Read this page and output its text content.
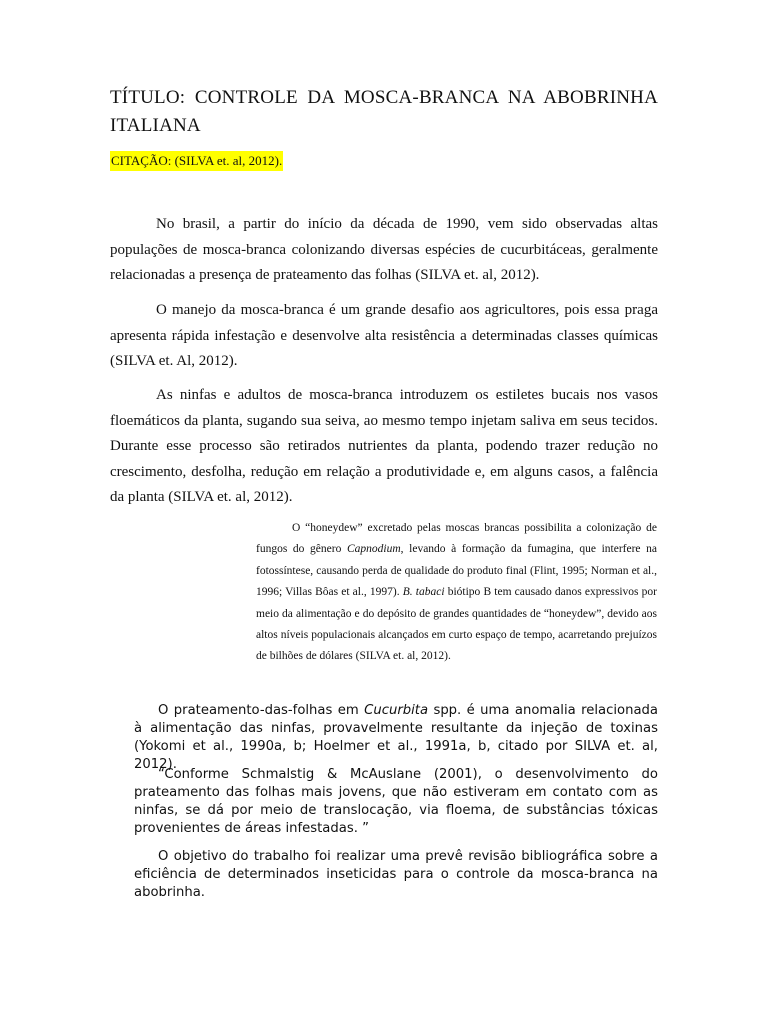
TÍTULO: CONTROLE DA MOSCA-BRANCA NA ABOBRINHA
ITALIANA
CITAÇÃO: (SILVA et. al, 2012).

No brasil, a partir do início da década de 1990, vem sido observadas altas populações de mosca-branca colonizando diversas espécies de cucurbitáceas, geralmente relacionadas a presença de prateamento das folhas (SILVA et. al, 2012).

O manejo da mosca-branca é um grande desafio aos agricultores, pois essa praga apresenta rápida infestação e desenvolve alta resistência a determinadas classes químicas (SILVA et. Al, 2012).

As ninfas e adultos de mosca-branca introduzem os estiletes bucais nos vasos floemáticos da planta, sugando sua seiva, ao mesmo tempo injetam saliva em seus tecidos. Durante esse processo são retirados nutrientes da planta, podendo trazer redução no crescimento, desfolha, redução em relação a produtividade e, em alguns casos, a falência da planta (SILVA et. al, 2012).

O “honeydew” excretado pelas moscas brancas possibilita a colonização de fungos do gênero Capnodium, levando à formação da fumagina, que interfere na fotossíntese, causando perda de qualidade do produto final (Flint, 1995; Norman et al., 1996; Villas Bôas et al., 1997). B. tabaci biótipo B tem causado danos expressivos por meio da alimentação e do depósito de grandes quantidades de “honeydew”, devido aos altos níveis populacionais alcançados em curto espaço de tempo, acarretando prejuízos de bilhões de dólares (SILVA et. al, 2012).

O prateamento-das-folhas em Cucurbita spp. é uma anomalia relacionada à alimentação das ninfas, provavelmente resultante da injeção de toxinas (Yokomi et al., 1990a, b; Hoelmer et al., 1991a, b, citado por SILVA et. al, 2012).

“Conforme Schmalstig & McAuslane (2001), o desenvolvimento do prateamento das folhas mais jovens, que não estiveram em contato com as ninfas, se dá por meio de translocação, via floema, de substâncias tóxicas provenientes de áreas infestadas. ”

O objetivo do trabalho foi realizar uma prevê revisão bibliográfica sobre a eficiência de determinados inseticidas para o controle da mosca-branca na abobrinha.
